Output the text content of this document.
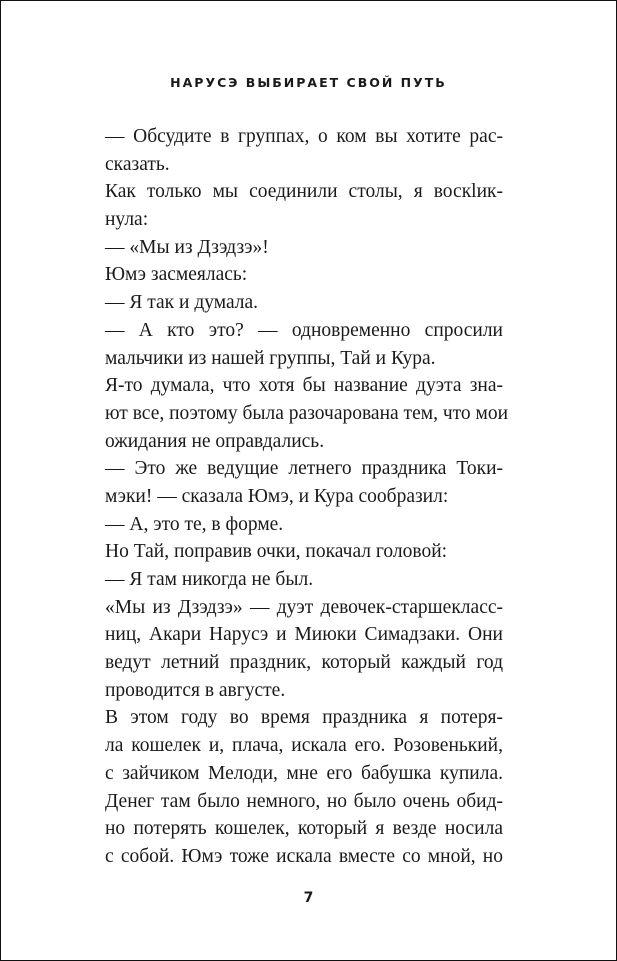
НАРУСЭ ВЫБИРАЕТ СВОЙ ПУТЬ
— Обсудите в группах, о ком вы хотите рас-
сказать.
Как только мы соединили столы, я воскlик-
нула:
— «Мы из Дзэдзэ»!
Юмэ засмеялась:
— Я так и думала.
— А кто это? — одновременно спросили
мальчики из нашей группы, Тай и Кура.
Я-то думала, что хотя бы название дуэта зна-
ют все, поэтому была разочарована тем, что мои
ожидания не оправдались.
— Это же ведущие летнего праздника Токи-
мэки! — сказала Юмэ, и Кура сообразил:
— А, это те, в форме.
Но Тай, поправив очки, покачал головой:
— Я там никогда не был.
«Мы из Дзэдзэ» — дуэт девочек-старшекласс-
ниц, Акари Нарусэ и Миюки Симадзаки. Они
ведут летний праздник, который каждый год
проводится в августе.
В этом году во время праздника я потеря-
ла кошелек и, плача, искала его. Розовенький,
с зайчиком Мелоди, мне его бабушка купила.
Денег там было немного, но было очень обид-
но потерять кошелек, который я везде носила
с собой. Юмэ тоже искала вместе со мной, но
7
